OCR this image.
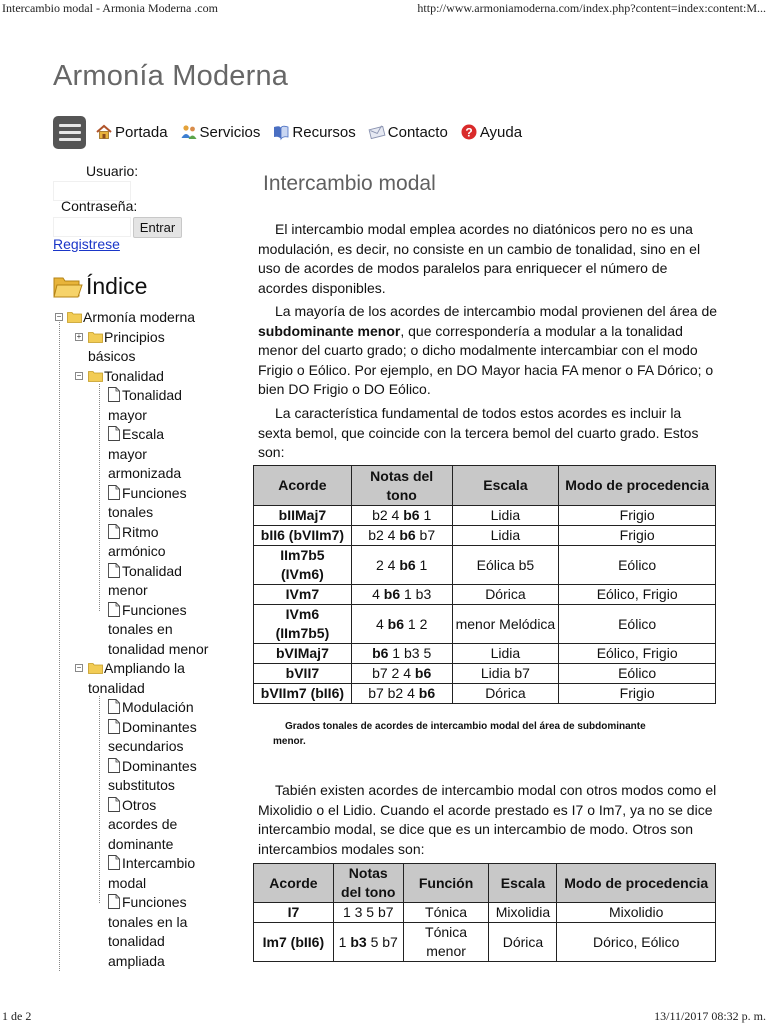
Intercambio modal - Armonia Moderna .com	http://www.armoniamoderna.com/index.php?content=index:content:M...
1 de 2	13/11/2017 08:32 p. m.
Armonía Moderna
Portada Servicios Recursos Contacto ? Ayuda
Usuario:
Contraseña:
Entrar
Registrese
Índice
−	Armonía moderna
+	Principios
básicos
−	Tonalidad
Tonalidad
mayor
Escala
mayor
armonizada
Funciones
tonales
Ritmo
armónico
Tonalidad
menor
Funciones
tonales en
tonalidad menor
−	Ampliando la
tonalidad
Modulación
Dominantes
secundarios
Dominantes
substitutos
Otros
acordes de
dominante
Intercambio
modal
Funciones
tonales en la
tonalidad
ampliada
Intercambio modal

El intercambio modal emplea acordes no diatónicos pero no es una modulación, es decir, no consiste en un cambio de tonalidad, sino en el uso de acordes de modos paralelos para enriquecer el número de acordes disponibles.

La mayoría de los acordes de intercambio modal provienen del área de subdominante menor, que correspondería a modular a la tonalidad menor del cuarto grado; o dicho modalmente intercambiar con el modo Frigio o Eólico. Por ejemplo, en DO Mayor hacia FA menor o FA Dórico; o bien DO Frigio o DO Eólico.

La característica fundamental de todos estos acordes es incluir la sexta bemol, que coincide con la tercera bemol del cuarto grado. Estos son:

Acorde	Notas del tono	Escala	Modo de procedencia
bIIMaj7	b2 4 b6 1	Lidia	Frigio
bII6 (bVIIm7)	b2 4 b6 b7	Lidia	Frigio
IIm7b5 (IVm6)	2 4 b6 1	Eólica b5	Eólico
IVm7	4 b6 1 b3	Dórica	Eólico, Frigio
IVm6 (IIm7b5)	4 b6 1 2	menor Melódica	Eólico
bVIMaj7	b6 1 b3 5	Lidia	Eólico, Frigio
bVII7	b7 2 4 b6	Lidia b7	Eólico
bVIIm7 (bII6)	b7 b2 4 b6	Dórica	Frigio
Grados tonales de acordes de intercambio modal del área de subdominante
menor.

Tabién existen acordes de intercambio modal con otros modos como el Mixolidio o el Lidio. Cuando el acorde prestado es I7 o Im7, ya no se dice intercambio modal, se dice que es un intercambio de modo. Otros son intercambios modales son:

Acorde	Notas del tono	Función	Escala	Modo de procedencia
I7	1 3 5 b7	Tónica	Mixolidia	Mixolidio
Im7 (bII6)	1 b3 5 b7	Tónica menor	Dórica	Dórico, Eólico
